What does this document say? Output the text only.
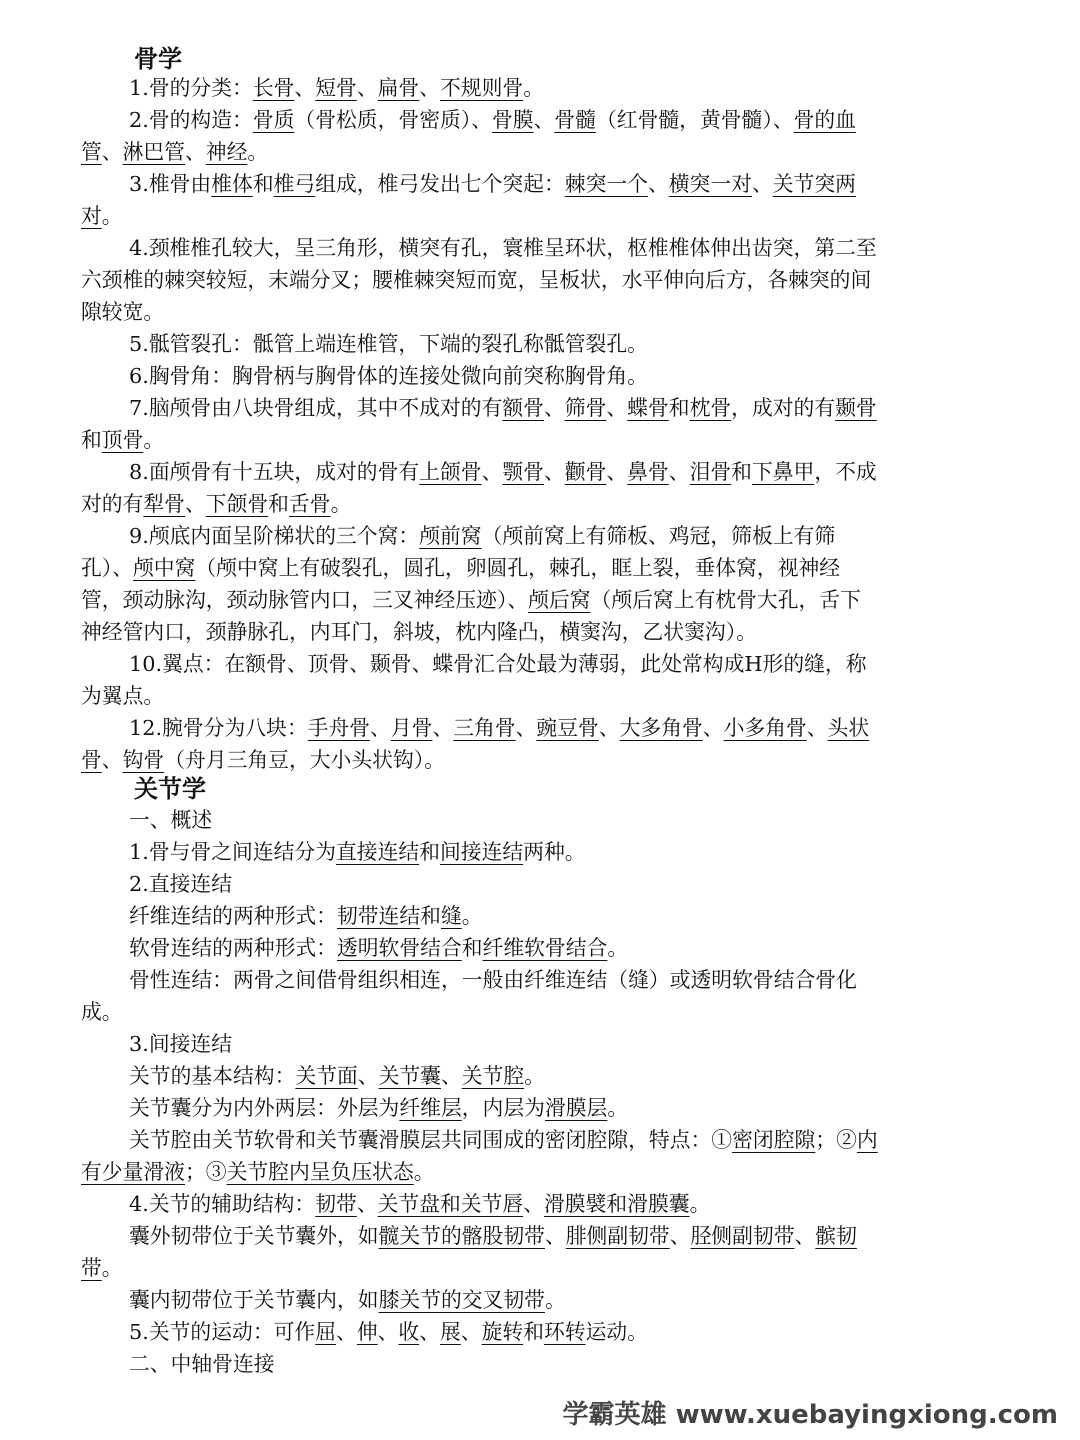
骨学
1.骨的分类：长骨、短骨、扁骨、不规则骨。
2.骨的构造：骨质（骨松质，骨密质）、骨膜、骨髓（红骨髓，黄骨髓）、骨的血
管、淋巴管、神经。
3.椎骨由椎体和椎弓组成，椎弓发出七个突起：棘突一个、横突一对、关节突两
对。
4.颈椎椎孔较大，呈三角形，横突有孔，寰椎呈环状，枢椎椎体伸出齿突，第二至
六颈椎的棘突较短，末端分叉；腰椎棘突短而宽，呈板状，水平伸向后方，各棘突的间
隙较宽。
5.骶管裂孔：骶管上端连椎管，下端的裂孔称骶管裂孔。
6.胸骨角：胸骨柄与胸骨体的连接处微向前突称胸骨角。
7.脑颅骨由八块骨组成，其中不成对的有额骨、筛骨、蝶骨和枕骨，成对的有颞骨
和顶骨。
8.面颅骨有十五块，成对的骨有上颌骨、颚骨、颧骨、鼻骨、泪骨和下鼻甲，不成
对的有犁骨、下颌骨和舌骨。
9.颅底内面呈阶梯状的三个窝：颅前窝（颅前窝上有筛板、鸡冠，筛板上有筛
孔）、颅中窝（颅中窝上有破裂孔，圆孔，卵圆孔，棘孔，眶上裂，垂体窝，视神经
管，颈动脉沟，颈动脉管内口，三叉神经压迹）、颅后窝（颅后窝上有枕骨大孔，舌下
神经管内口，颈静脉孔，内耳门，斜坡，枕内隆凸，横窦沟，乙状窦沟）。
10.翼点：在额骨、顶骨、颞骨、蝶骨汇合处最为薄弱，此处常构成H形的缝，称
为翼点。
12.腕骨分为八块：手舟骨、月骨、三角骨、豌豆骨、大多角骨、小多角骨、头状
骨、钩骨（舟月三角豆，大小头状钩）。
关节学
一、概述
1.骨与骨之间连结分为直接连结和间接连结两种。
2.直接连结
纤维连结的两种形式：韧带连结和缝。
软骨连结的两种形式：透明软骨结合和纤维软骨结合。
骨性连结：两骨之间借骨组织相连，一般由纤维连结（缝）或透明软骨结合骨化
成。
3.间接连结
关节的基本结构：关节面、关节囊、关节腔。
关节囊分为内外两层：外层为纤维层，内层为滑膜层。
关节腔由关节软骨和关节囊滑膜层共同围成的密闭腔隙，特点：①密闭腔隙；②内
有少量滑液；③关节腔内呈负压状态。
4.关节的辅助结构：韧带、关节盘和关节唇、滑膜襞和滑膜囊。
囊外韧带位于关节囊外，如髋关节的髂股韧带、腓侧副韧带、胫侧副韧带、髌韧
带。
囊内韧带位于关节囊内，如膝关节的交叉韧带。
5.关节的运动：可作屈、伸、收、展、旋转和环转运动。
二、中轴骨连接
学霸英雄 www.xuebayingxiong.com
